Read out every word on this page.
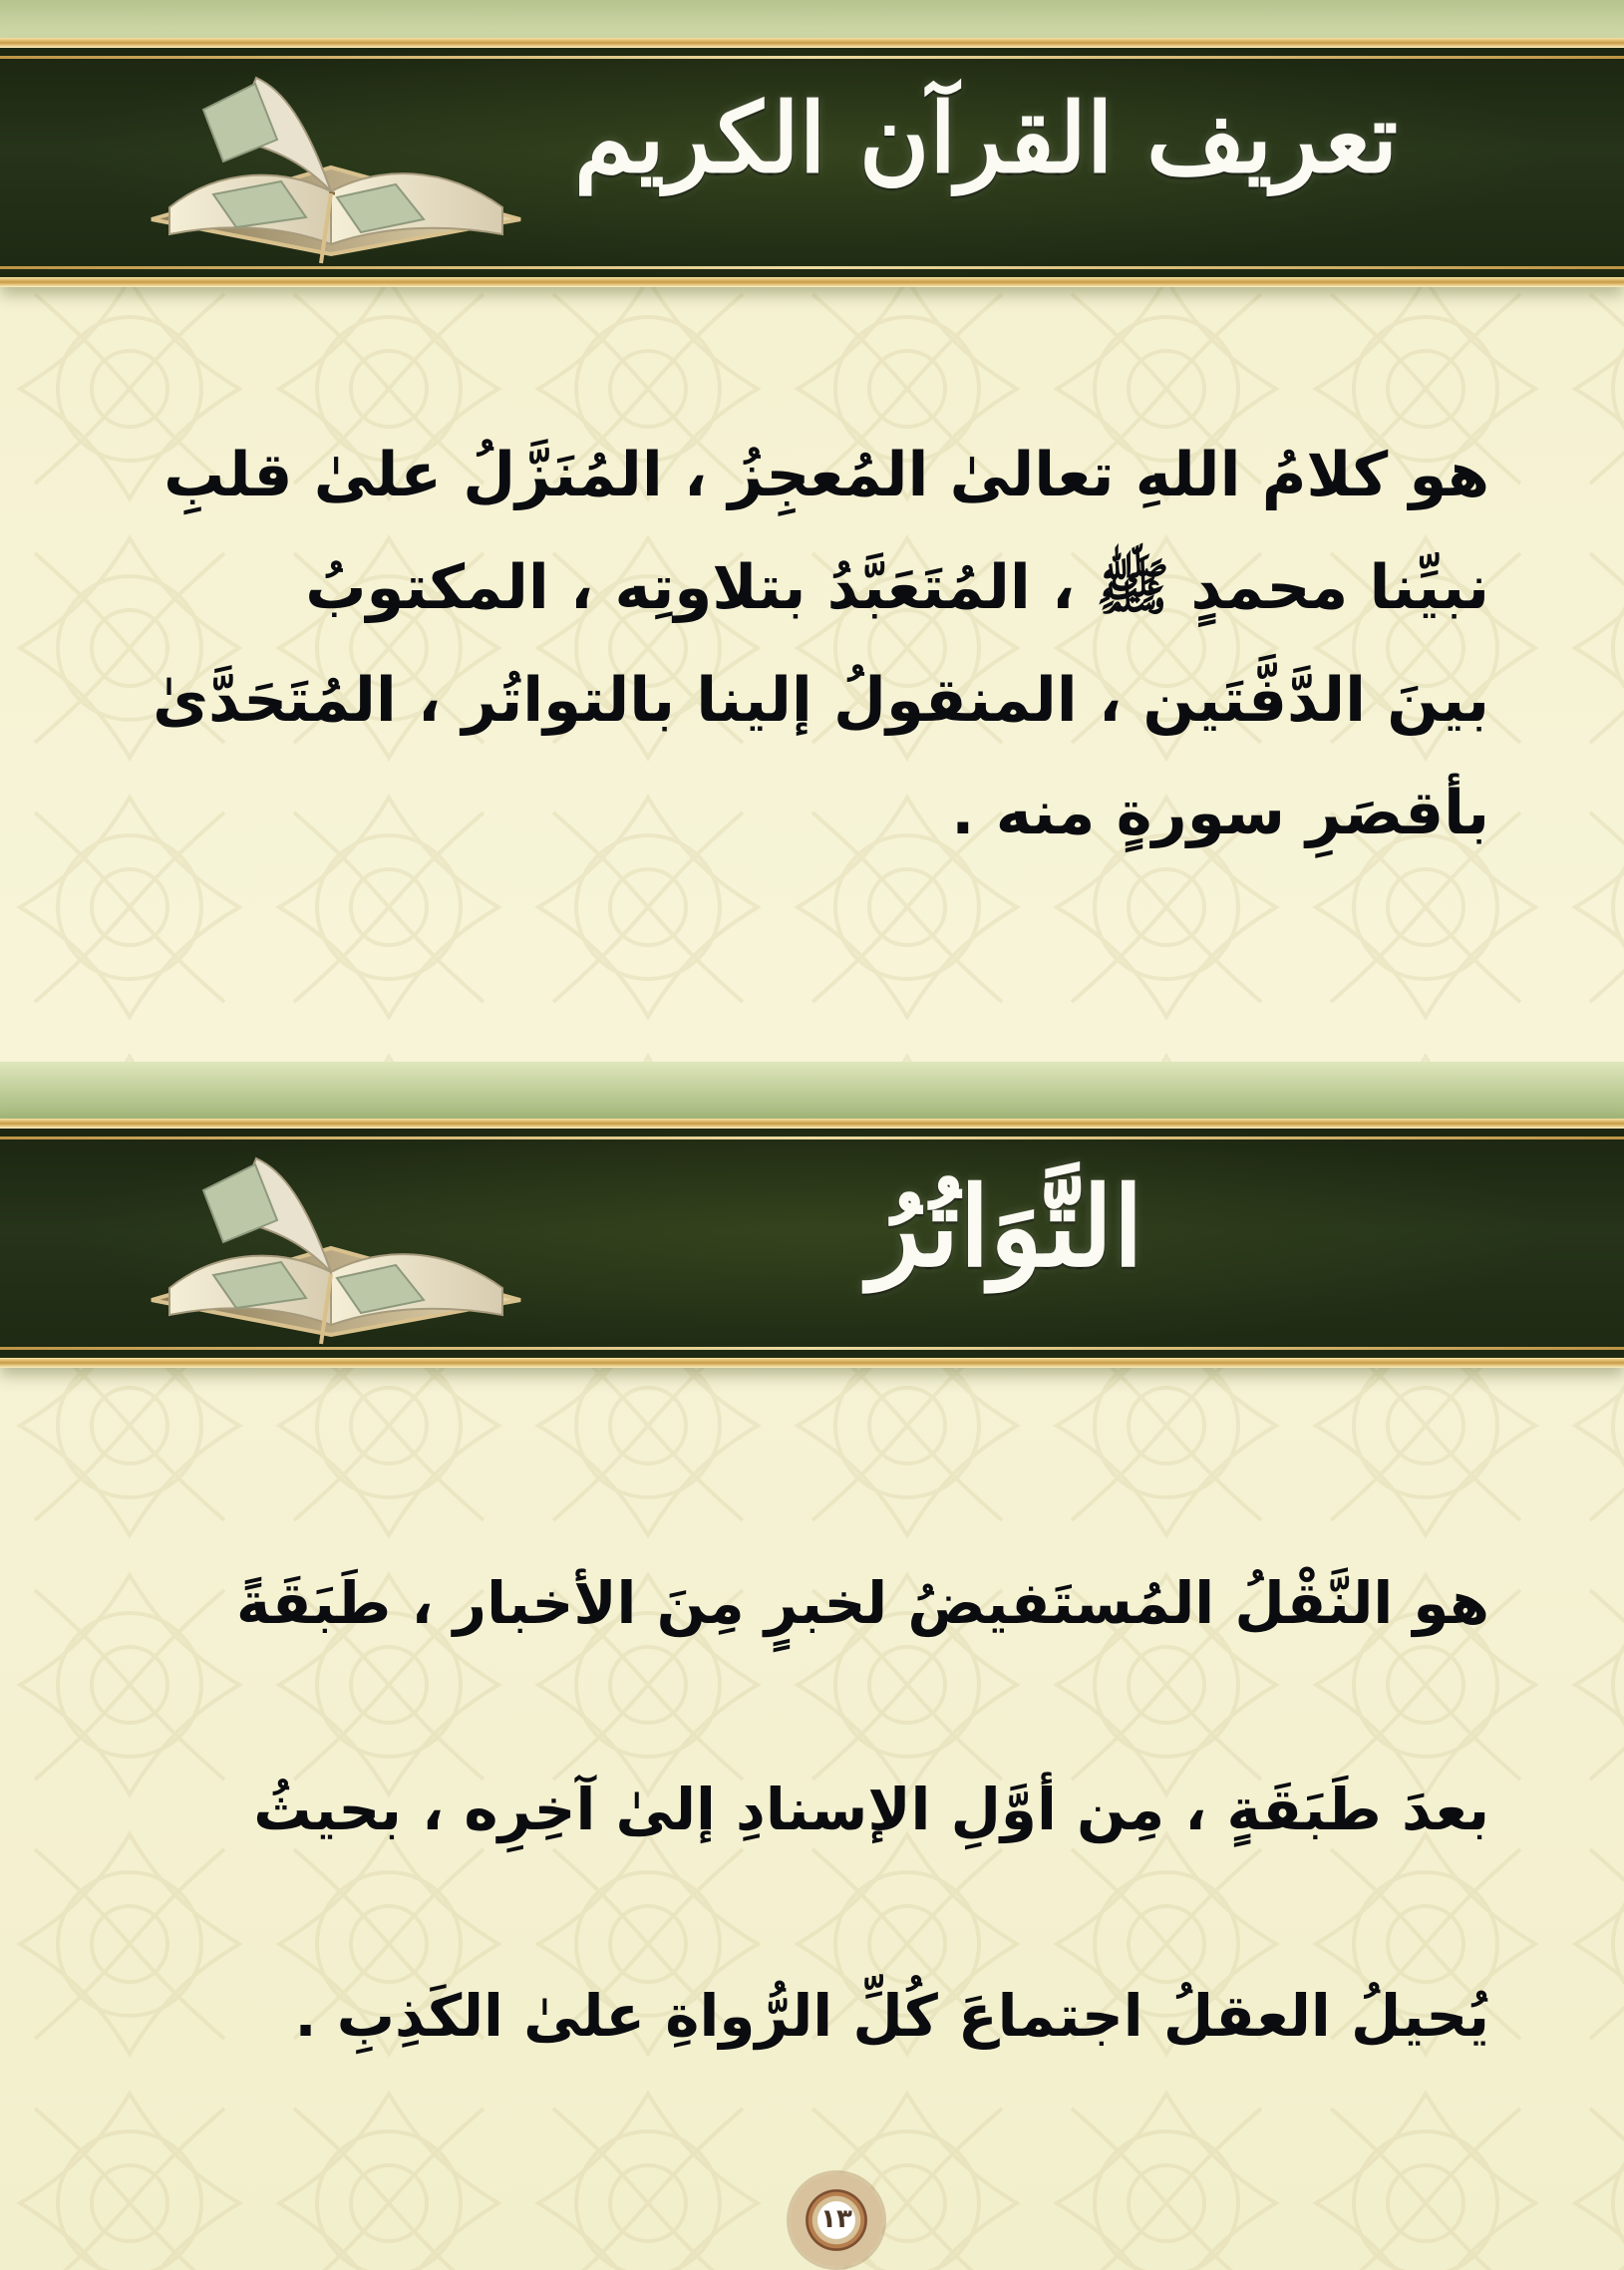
تعريف القرآن الكريم
هو كلامُ اللهِ تعالىٰ المُعجِزُ ، المُنَزَّلُ علىٰ قلبِ
نبيِّنا محمدٍ ﷺ ، المُتَعَبَّدُ بتلاوتِه ، المكتوبُ
بينَ الدَّفَّتَين ، المنقولُ إلينا بالتواتُر ، المُتَحَدَّىٰ
بأقصَرِ سورةٍ منه .
التَّوَاتُرُ
هو النَّقْلُ المُستَفيضُ لخبرٍ مِنَ الأخبار ، طَبَقَةً
بعدَ طَبَقَةٍ ، مِن أوَّلِ الإسنادِ إلىٰ آخِرِه ، بحيثُ
يُحيلُ العقلُ اجتماعَ كُلِّ الرُّواةِ علىٰ الكَذِبِ .
١٣
